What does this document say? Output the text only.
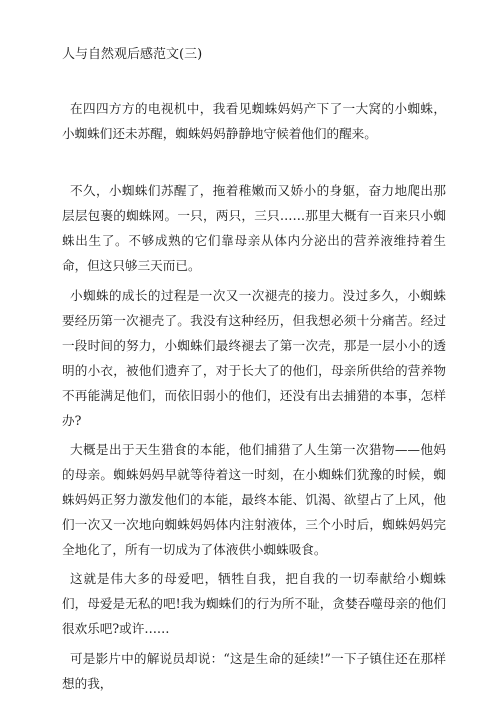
人与自然观后感范文(三)
在四四方方的电视机中，我看见蜘蛛妈妈产下了一大窝的小蜘蛛，小蜘蛛们还未苏醒，蜘蛛妈妈静静地守候着他们的醒来。
不久，小蜘蛛们苏醒了，拖着稚嫩而又娇小的身躯，奋力地爬出那层层包裹的蜘蛛网。一只，两只，三只……那里大概有一百来只小蜘蛛出生了。不够成熟的它们靠母亲从体内分泌出的营养液维持着生命，但这只够三天而已。
小蜘蛛的成长的过程是一次又一次褪壳的接力。没过多久，小蜘蛛要经历第一次褪壳了。我没有这种经历，但我想必须十分痛苦。经过一段时间的努力，小蜘蛛们最终褪去了第一次壳，那是一层小小的透明的小衣，被他们遗弃了，对于长大了的他们，母亲所供给的营养物不再能满足他们，而依旧弱小的他们，还没有出去捕猎的本事，怎样办?
大概是出于天生猎食的本能，他们捕猎了人生第一次猎物——他妈的母亲。蜘蛛妈妈早就等待着这一时刻，在小蜘蛛们犹豫的时候，蜘蛛妈妈正努力激发他们的本能，最终本能、饥渴、欲望占了上风，他们一次又一次地向蜘蛛妈妈体内注射液体，三个小时后，蜘蛛妈妈完全地化了，所有一切成为了体液供小蜘蛛吸食。
这就是伟大多的母爱吧，牺牲自我，把自我的一切奉献给小蜘蛛们，母爱是无私的吧!我为蜘蛛们的行为所不耻，贪婪吞噬母亲的他们很欢乐吧?或许……
可是影片中的解说员却说：“这是生命的延续!”一下子镇住还在那样想的我，
